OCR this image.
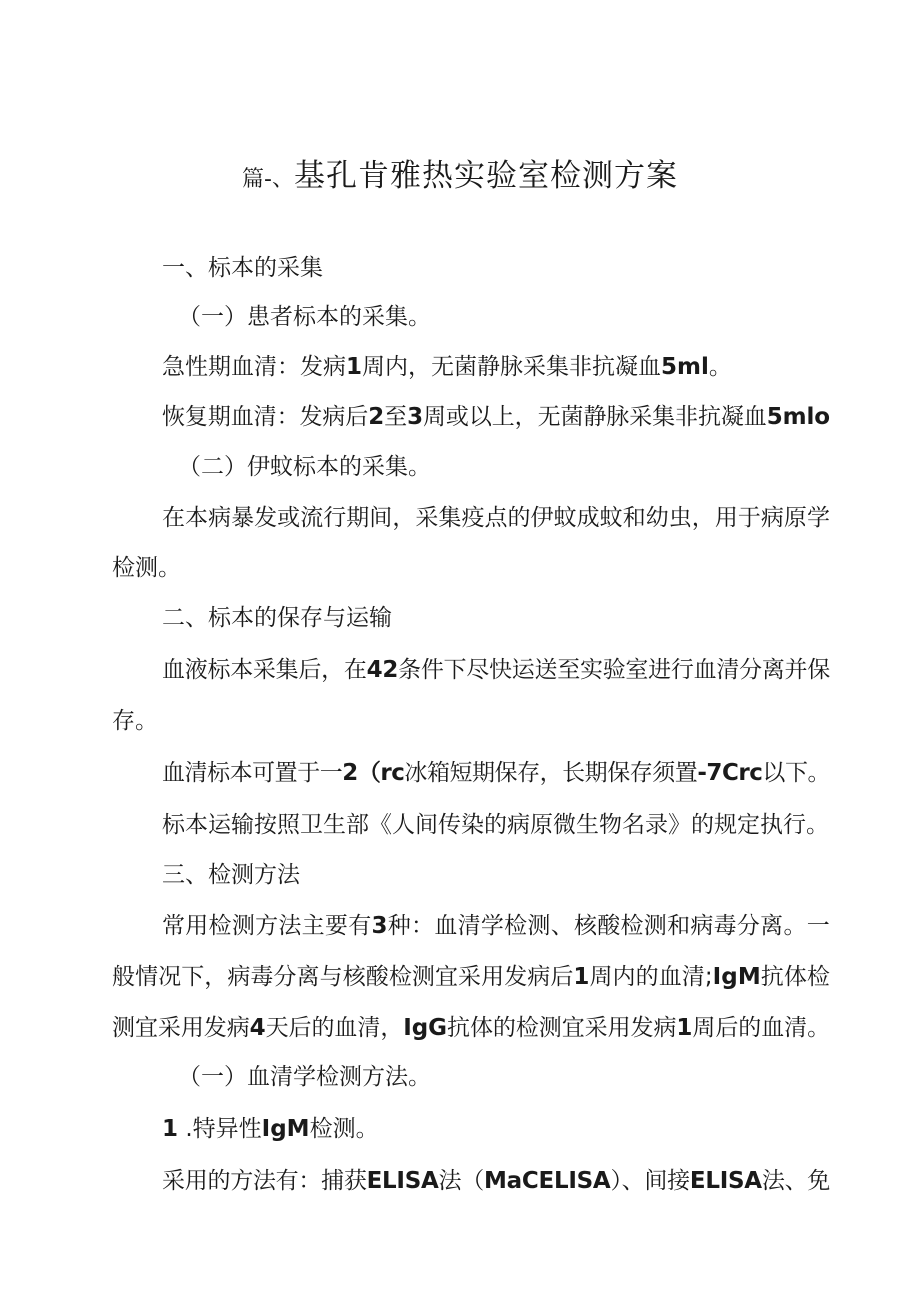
篇-、基孔肯雅热实验室检测方案
一、标本的采集
（一）患者标本的采集。
急性期血清：发病1周内，无菌静脉采集非抗凝血5ml。
恢复期血清：发病后2至3周或以上，无菌静脉采集非抗凝血5mlo
（二）伊蚊标本的采集。
在本病暴发或流行期间，采集疫点的伊蚊成蚊和幼虫，用于病原学
检测。
二、标本的保存与运输
血液标本采集后，在42条件下尽快运送至实验室进行血清分离并保
存。
血清标本可置于一2（rc冰箱短期保存，长期保存须置-7Crc以下。
标本运输按照卫生部《人间传染的病原微生物名录》的规定执行。
三、检测方法
常用检测方法主要有3种：血清学检测、核酸检测和病毒分离。一
般情况下，病毒分离与核酸检测宜采用发病后1周内的血清;IgM抗体检
测宜采用发病4天后的血清，IgG抗体的检测宜采用发病1周后的血清。
（一）血清学检测方法。
1 .特异性IgM检测。
采用的方法有：捕获ELISA法（MaCELISA）、间接ELISA法、免
